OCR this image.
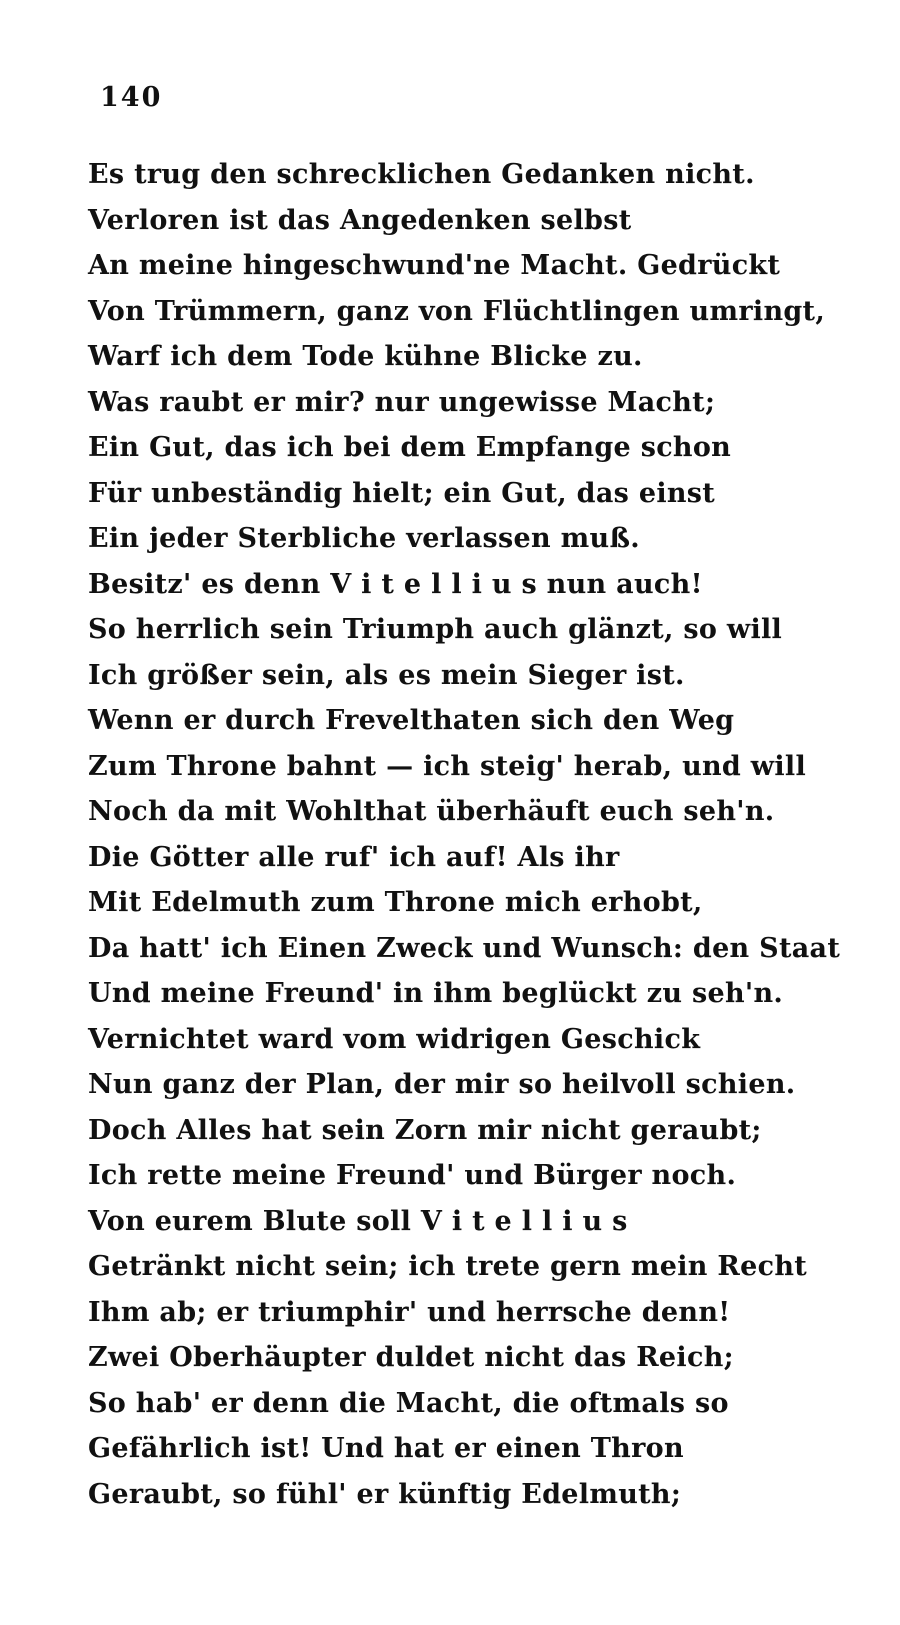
140
Es trug den schrecklichen Gedanken nicht.
Verloren ist das Angedenken selbst
An meine hingeschwund'ne Macht. Gedrückt
Von Trümmern, ganz von Flüchtlingen umringt,
Warf ich dem Tode kühne Blicke zu.
Was raubt er mir? nur ungewisse Macht;
Ein Gut, das ich bei dem Empfange schon
Für unbeständig hielt; ein Gut, das einst
Ein jeder Sterbliche verlassen muß.
Besitz' es denn V i t e l l i u s nun auch!
So herrlich sein Triumph auch glänzt, so will
Ich größer sein, als es mein Sieger ist.
Wenn er durch Frevelthaten sich den Weg
Zum Throne bahnt — ich steig' herab, und will
Noch da mit Wohlthat überhäuft euch seh'n.
Die Götter alle ruf' ich auf! Als ihr
Mit Edelmuth zum Throne mich erhobt,
Da hatt' ich Einen Zweck und Wunsch: den Staat
Und meine Freund' in ihm beglückt zu seh'n.
Vernichtet ward vom widrigen Geschick
Nun ganz der Plan, der mir so heilvoll schien.
Doch Alles hat sein Zorn mir nicht geraubt;
Ich rette meine Freund' und Bürger noch.
Von eurem Blute soll V i t e l l i u s
Getränkt nicht sein; ich trete gern mein Recht
Ihm ab; er triumphir' und herrsche denn!
Zwei Oberhäupter duldet nicht das Reich;
So hab' er denn die Macht, die oftmals so
Gefährlich ist! Und hat er einen Thron
Geraubt, so fühl' er künftig Edelmuth;
